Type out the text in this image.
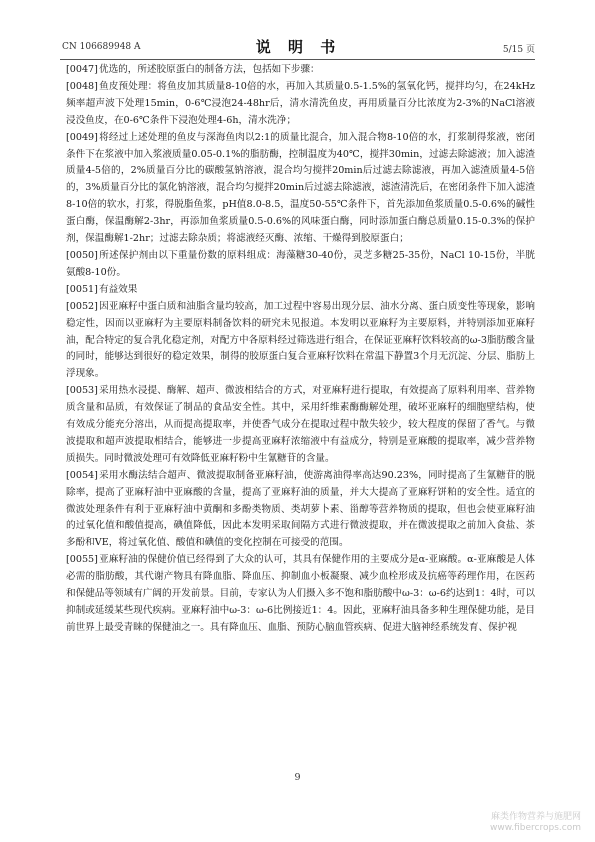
CN 106689948 A	说 明 书	5/15 页

[0047]优选的，所述胶原蛋白的制备方法，包括如下步骤：

[0048]鱼皮预处理：将鱼皮加其质量8-10倍的水，再加入其质量0.5-1.5%的氢氧化钙，搅拌均匀，在24kHz频率超声波下处理15min，0-6℃浸泡24-48hr后，清水清洗鱼皮，再用质量百分比浓度为2-3%的NaCl溶液浸没鱼皮，在0-6℃条件下浸泡处理4-6h，清水洗净；

[0049]将经过上述处理的鱼皮与深海鱼肉以2:1的质量比混合，加入混合物8-10倍的水，打浆制得浆液，密闭条件下在浆液中加入浆液质量0.05-0.1%的脂肪酶，控制温度为40℃，搅拌30min，过滤去除滤液；加入滤渣质量4-5倍的，2%质量百分比的碳酸氢钠溶液，混合均匀搅拌20min后过滤去除滤液，再加入滤渣质量4-5倍的，3%质量百分比的氯化钠溶液，混合均匀搅拌20min后过滤去除滤液，滤渣清洗后，在密闭条件下加入滤渣8-10倍的软水，打浆，得脱脂鱼浆，pH值8.0-8.5，温度50-55℃条件下，首先添加鱼浆质量0.5-0.6%的碱性蛋白酶，保温酶解2-3hr，再添加鱼浆质量0.5-0.6%的风味蛋白酶，同时添加蛋白酶总质量0.15-0.3%的保护剂，保温酶解1-2hr；过滤去除杂质；将滤液经灭酶、浓缩、干燥得到胶原蛋白；

[0050]所述保护剂由以下重量份数的原料组成：海藻糖30-40份，灵芝多糖25-35份，NaCl 10-15份，半胱氨酸8-10份。

[0051]有益效果

[0052]因亚麻籽中蛋白质和油脂含量均较高，加工过程中容易出现分层、油水分离、蛋白质变性等现象，影响稳定性，因而以亚麻籽为主要原料制备饮料的研究未见报道。本发明以亚麻籽为主要原料，并特别添加亚麻籽油，配合特定的复合乳化稳定剂，对配方中各原料经过筛选进行组合，在保证亚麻籽饮料较高的ω-3脂肪酸含量的同时，能够达到很好的稳定效果，制得的胶原蛋白复合亚麻籽饮料在常温下静置3个月无沉淀、分层、脂肪上浮现象。

[0053]采用热水浸提、酶解、超声、微波相结合的方式，对亚麻籽进行提取，有效提高了原料利用率、营养物质含量和品质，有效保证了制品的食品安全性。其中，采用纤维素酶酶解处理，破坏亚麻籽的细胞壁结构，使有效成分能充分溶出，从而提高提取率，并使香气成分在提取过程中散失较少，较大程度的保留了香气。与微波提取和超声波提取相结合，能够进一步提高亚麻籽浓缩液中有益成分，特别是亚麻酸的提取率，减少营养物质损失。同时微波处理可有效降低亚麻籽粉中生氰糖苷的含量。

[0054]采用水酶法结合超声、微波提取制备亚麻籽油，使游离油得率高达90.23%，同时提高了生氰糖苷的脱除率，提高了亚麻籽油中亚麻酸的含量，提高了亚麻籽油的质量，并大大提高了亚麻籽饼粕的安全性。适宜的微波处理条件有利于亚麻籽油中黄酮和多酚类物质、类胡萝卜素、甾醇等营养物质的提取，但也会使亚麻籽油的过氧化值和酸值提高，碘值降低，因此本发明采取间隔方式进行微波提取，并在微波提取之前加入食盐、茶多酚和VE，将过氧化值、酸值和碘值的变化控制在可接受的范围。

[0055]亚麻籽油的保健价值已经得到了大众的认可，其具有保健作用的主要成分是α-亚麻酸。α-亚麻酸是人体必需的脂肪酸，其代谢产物具有降血脂、降血压、抑制血小板凝聚、减少血栓形成及抗癌等药理作用，在医药和保健品等领域有广阔的开发前景。目前，专家认为人们摄入多不饱和脂肪酸中ω-3：ω-6约达到1：4时，可以抑制或延缓某些现代疾病。亚麻籽油中ω-3：ω-6比例接近1：4。因此，亚麻籽油具备多种生理保健功能，是目前世界上最受青睐的保健油之一。具有降血压、血脂、预防心脑血管疾病、促进大脑神经系统发育、保护视

9
麻类作物营养与施肥网
www.fibercrops.com
